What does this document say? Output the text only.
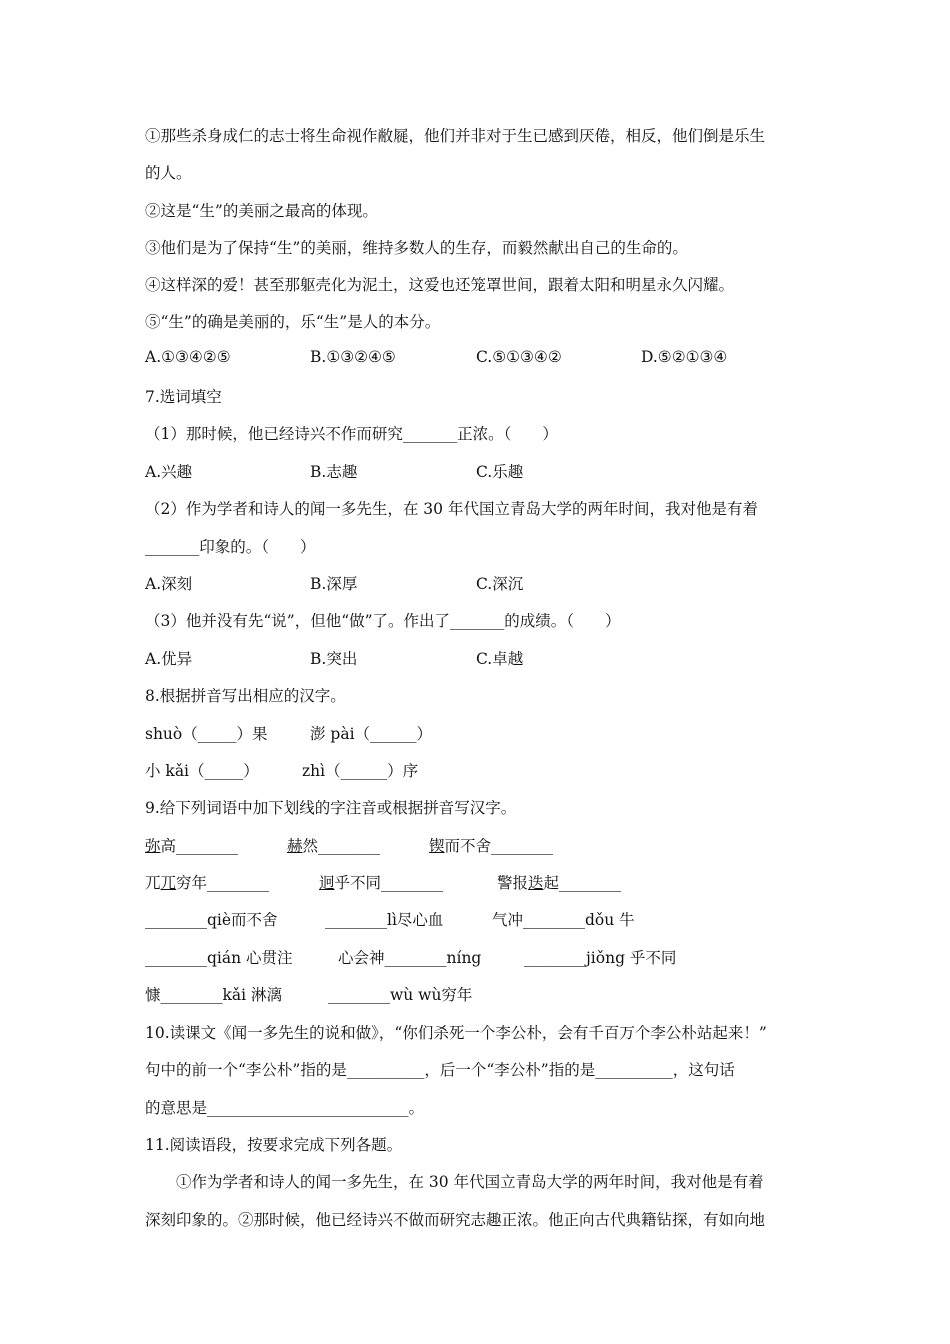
①那些杀身成仁的志士将生命视作敝屣，他们并非对于生已感到厌倦，相反，他们倒是乐生
的人。
②这是“生”的美丽之最高的体现。
③他们是为了保持“生”的美丽，维持多数人的生存，而毅然献出自己的生命的。
④这样深的爱！甚至那躯壳化为泥土，这爱也还笼罩世间，跟着太阳和明星永久闪耀。
⑤“生”的确是美丽的，乐“生”是人的本分。
A.①③④②⑤	B.①③②④⑤	C.⑤①③④②	D.⑤②①③④
7.选词填空
（1）那时候，他已经诗兴不作而研究_______正浓。（　　）
A.兴趣	B.志趣	C.乐趣
（2）作为学者和诗人的闻一多先生，在 30 年代国立青岛大学的两年时间，我对他是有着
_______印象的。（　　）
A.深刻	B.深厚	C.深沉
（3）他并没有先“说”，但他“做”了。作出了_______的成绩。（　　）
A.优异	B.突出	C.卓越
8.根据拼音写出相应的汉字。
shuò（_____）果	澎 pài（______）
小 kǎi（_____）	zhì（______）序
9.给下列词语中加下划线的字注音或根据拼音写汉字。
弥高________	赫然________	锲而不舍________
兀兀穷年________	迥乎不同________	警报迭起________
________qiè而不舍	________lì尽心血	气冲________dǒu 牛
________qián 心贯注	心会神________níng	________jiǒng 乎不同
慷________kǎi 淋漓	________wù wù穷年
10.读课文《闻一多先生的说和做》，“你们杀死一个李公朴，会有千百万个李公朴站起来！”
句中的前一个“李公朴”指的是__________，后一个“李公朴”指的是__________，这句话
的意思是__________________________。
11.阅读语段，按要求完成下列各题。
①作为学者和诗人的闻一多先生，在 30 年代国立青岛大学的两年时间，我对他是有着
深刻印象的。②那时候，他已经诗兴不做而研究志趣正浓。他正向古代典籍钻探，有如向地
